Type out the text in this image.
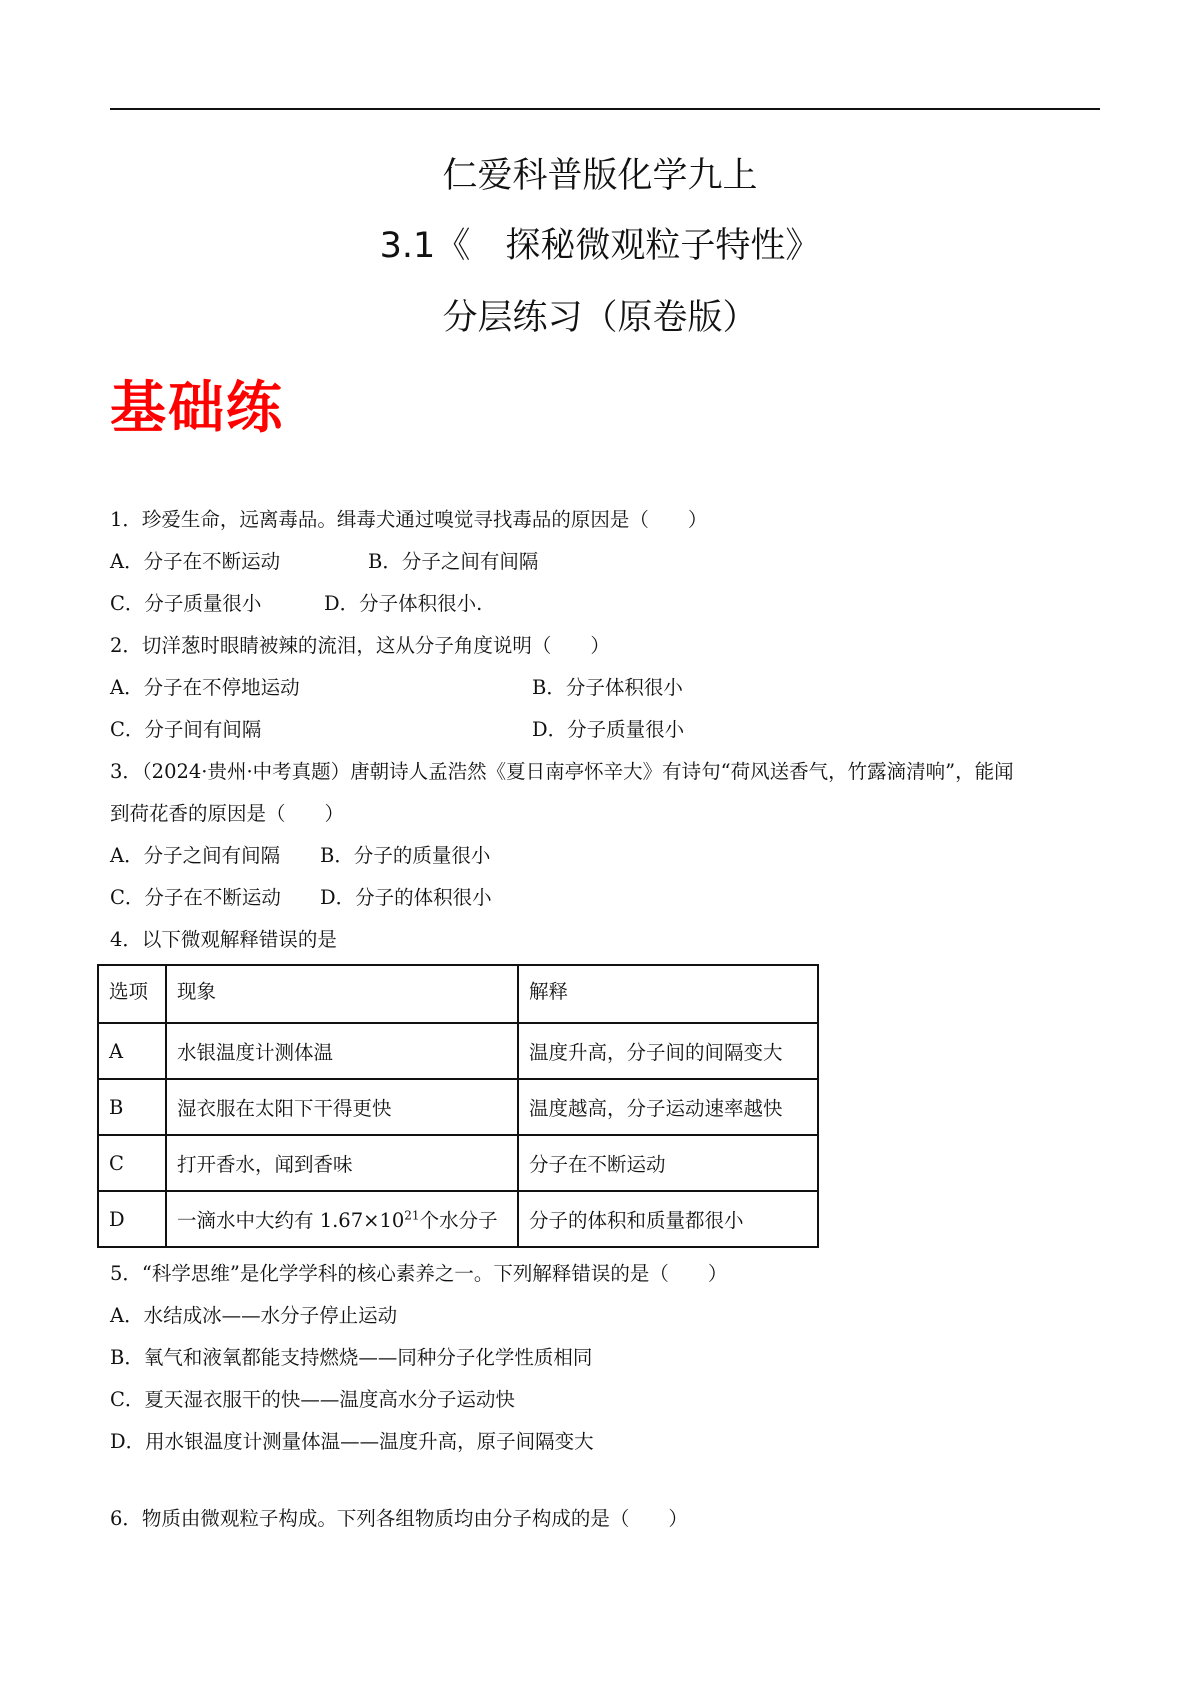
仁爱科普版化学九上
3.1《　探秘微观粒子特性》
分层练习（原卷版）
基础练
1．珍爱生命，远离毒品。缉毒犬通过嗅觉寻找毒品的原因是（　　）
A．分子在不断运动	B．分子之间有间隔
C．分子质量很小	D．分子体积很小.
2．切洋葱时眼睛被辣的流泪，这从分子角度说明（　　）
A．分子在不停地运动	B．分子体积很小
C．分子间有间隔	D．分子质量很小
3．（2024·贵州·中考真题）唐朝诗人孟浩然《夏日南亭怀辛大》有诗句“荷风送香气，竹露滴清响”，能闻
到荷花香的原因是（　　）
A．分子之间有间隔 B．分子的质量很小
C．分子在不断运动 D．分子的体积很小
4．以下微观解释错误的是
选项	现象	解释
A	水银温度计测体温	温度升高，分子间的间隔变大
B	湿衣服在太阳下干得更快	温度越高，分子运动速率越快
C	打开香水，闻到香味	分子在不断运动
D	一滴水中大约有 $1.67\times 10^{21}$个水分子	分子的体积和质量都很小
5．“科学思维”是化学学科的核心素养之一。下列解释错误的是（　　）
A．水结成冰——水分子停止运动
B．氧气和液氧都能支持燃烧——同种分子化学性质相同
C．夏天湿衣服干的快——温度高水分子运动快
D．用水银温度计测量体温——温度升高，原子间隔变大
6．物质由微观粒子构成。下列各组物质均由分子构成的是（　　）
